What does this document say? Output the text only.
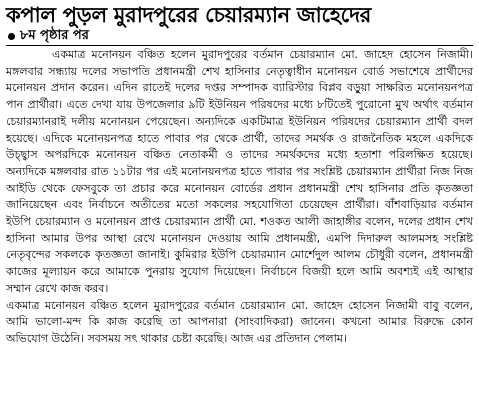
কপাল পুড়ল মুরাদপুরের চেয়ারম্যান জাহেদের
৮ম পৃষ্ঠার পর

একমাত্র মনোনয়ন বঞ্চিত হলেন মুরাদপুরের বর্তমান চেয়ারম্যান মো. জাহেদ হোসেন নিজামী। মঙ্গলবার সন্ধ্যায় দলের সভাপতি প্রধানমন্ত্রী শেখ হাসিনার নেতৃত্বাধীন মনোনয়ন বোর্ড সভাশেষে প্রার্থীদের মনোনয়ন প্রদান করেন। এদিন রাতেই দলের দপ্তর সম্পাদক ব্যারিস্টার বিপ্লব বড়ুয়া সাক্ষরিত মনোনয়নপত্র পান প্রার্থীরা। এতে দেখা যায় উপজেলার ৯টি ইউনিয়ন পরিষদের মধ্যে ৮টিতেই পুরোনো মুখ অর্থাৎ বর্তমান চেয়ারম্যানরাই দলীয় মনোনয়ন পেয়েছেন। অন্যদিকে একটিমাত্র ইউনিয়ন পরিষদের চেয়ারম্যান প্রার্থী বদল হয়েছে। এদিকে মনোনয়নপত্র হাতে পাবার পর থেকে প্রার্থী, তাদের সমর্থক ও রাজনৈতিক মহলে একদিকে উচ্ছ্বাস অপরদিকে মনোনয়ন বঞ্চিত নেতাকর্মী ও তাদের সমর্থকদের মধ্যে হতাশা পরিলক্ষিত হয়েছে। অন্যদিকে মঙ্গলবার রাত ১১টার পর এই মনোনয়নপত্র হাতে পাবার পর সংশ্লিষ্ট চেয়ারম্যান প্রার্থীরা নিজ নিজ আইডি থেকে ফেসবুকে তা প্রচার করে মনোনয়ন বোর্ডের প্রধান প্রধানমন্ত্রী শেখ হাসিনার প্রতি কৃতজ্ঞতা জানিয়েছেন এবং নির্বাচনে অতীতের মতো সকলের সহযোগিতা চেয়েছেন প্রার্থীরা। বাঁশবাড়িয়ার বর্তমান ইউপি চেয়ারম্যান ও মনোনয়ন প্রাপ্ত চেয়ারম্যান প্রার্থী মো. শওকত আলী জাহাঙ্গীর বলেন, দলের প্রধান শেখ হাসিনা আমার উপর আস্থা রেখে মনোনয়ন দেওয়ায় আমি প্রধানমন্ত্রী, এমপি দিদারুল আলমসহ সংশ্লিষ্ট নেতৃবৃন্দের সকলকে কৃতজ্ঞতা জানাই। কুমিরার ইউপি চেয়ারম্যান মোর্শেদুল আলম চৌধুরী বলেন, প্রধানমন্ত্রী কাজের মূল্যায়ন করে আমাকে পুনরায় সুযোগ দিয়েছেন। নির্বাচনে বিজয়ী হলে আমি অবশ্যই এই আস্থার সম্মান রেখে কাজ করব।

একমাত্র মনোনয়ন বঞ্চিত হলেন মুরাদপুরের বর্তমান চেয়ারম্যান মো. জাহেদ হোসেন নিজামী বাবু বলেন, আমি ভালো-মন্দ কি কাজ করেছি তা আপনারা (সাংবাদিকরা) জানেন। কখনো আমার বিরুদ্ধে কোন অভিযোগ উঠেনি। সবসময় সৎ থাকার চেষ্টা করেছি। আজ এর প্রতিদান পেলাম।
